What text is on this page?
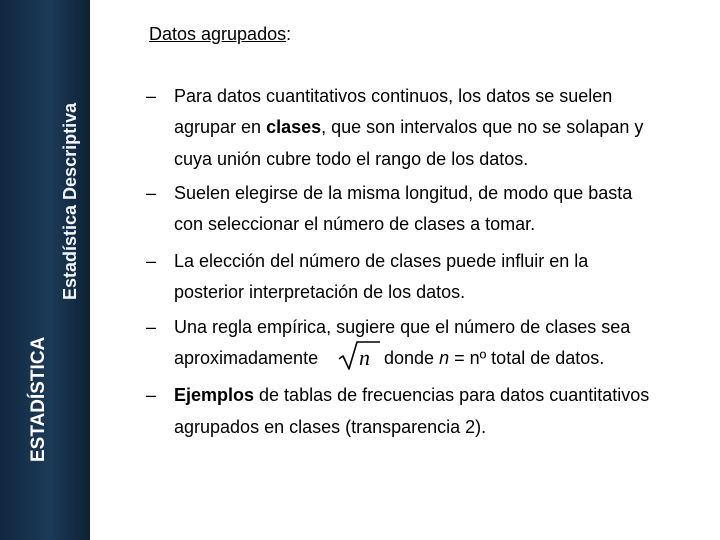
ESTADÍSTICA
Estadística Descriptiva
Datos agrupados:
– Para datos cuantitativos continuos, los datos se suelen
agrupar en clases, que son intervalos que no se solapan y
cuya unión cubre todo el rango de los datos.
– Suelen elegirse de la misma longitud, de modo que basta
con seleccionar el número de clases a tomar.
– La elección del número de clases puede influir en la
posterior interpretación de los datos.
– Una regla empírica, sugiere que el número de clases sea
aproximadamente n donde n = nº total de datos.
– Ejemplos de tablas de frecuencias para datos cuantitativos
agrupados en clases (transparencia 2).
